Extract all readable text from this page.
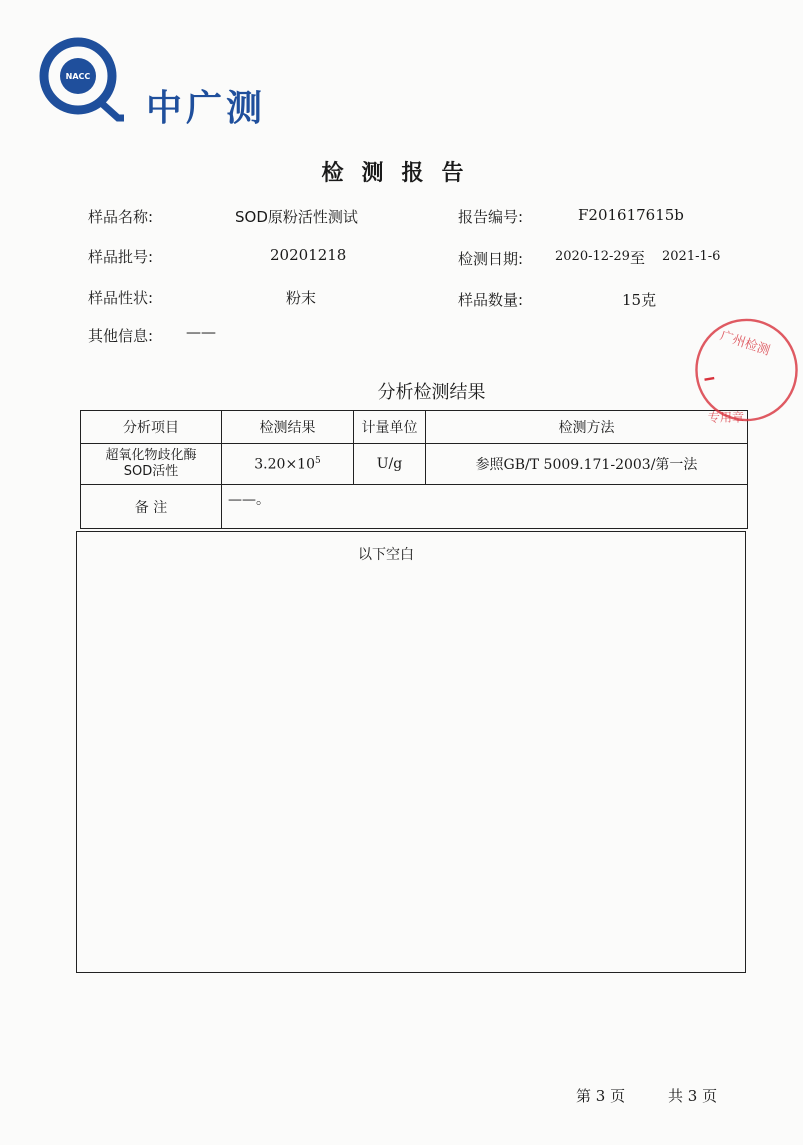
NACC
中广测
检测报告
样品名称:	SOD原粉活性测试	报告编号:	F201617615b
样品批号:	20201218	检测日期: 2020-12-29 至 2021-1-6
样品性状:	粉末	样品数量:	15克
其他信息: ——
分析检测结果
分析项目	检测结果	计量单位	检测方法

超氧化物歧化酶
SOD活性	$3.20\times 10^5$	U/g	参照GB/T 5009.171-2003/第一法
备 注	——。		
以下空白
广州检测
专用章
第 3 页	共 3 页
